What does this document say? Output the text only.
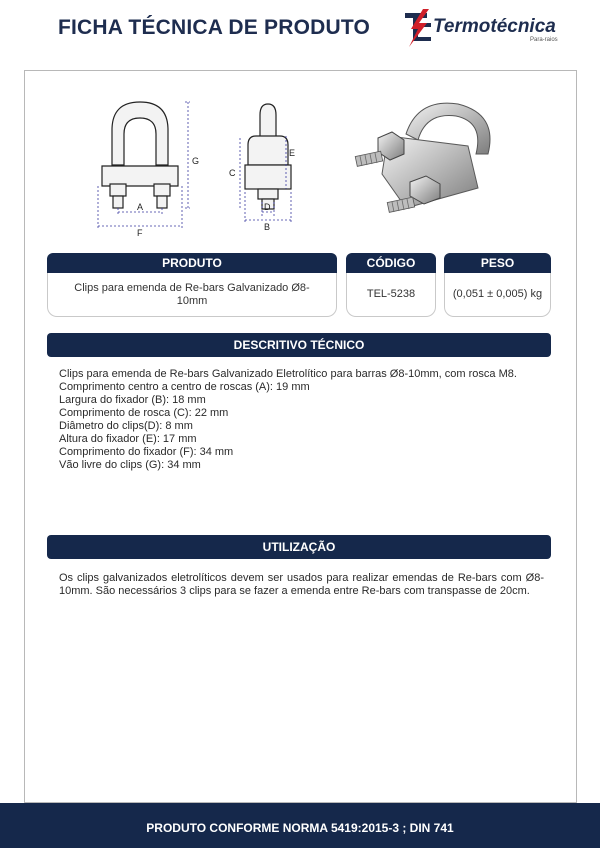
FICHA TÉCNICA DE PRODUTO	Termotécnica
Para-raios
A
F
G
C
E
D
B
PRODUTO
Clips para emenda de Re-bars Galvanizado Ø8-10mm
CÓDIGO
TEL-5238
PESO
(0,051 ± 0,005) kg
DESCRITIVO TÉCNICO
Clips para emenda de Re-bars Galvanizado Eletrolítico para barras Ø8-10mm, com rosca M8.
Comprimento centro a centro de roscas (A): 19 mm
Largura do fixador (B): 18 mm
Comprimento de rosca (C): 22 mm
Diâmetro do clips(D): 8 mm
Altura do fixador (E): 17 mm
Comprimento do fixador (F): 34 mm
Vão livre do clips (G): 34 mm
UTILIZAÇÃO
Os clips galvanizados eletrolíticos devem ser usados para realizar emendas de Re-bars com Ø8-10mm. São necessários 3 clips para se fazer a emenda entre Re-bars com transpasse de 20cm.
PRODUTO CONFORME NORMA 5419:2015-3 ; DIN 741
